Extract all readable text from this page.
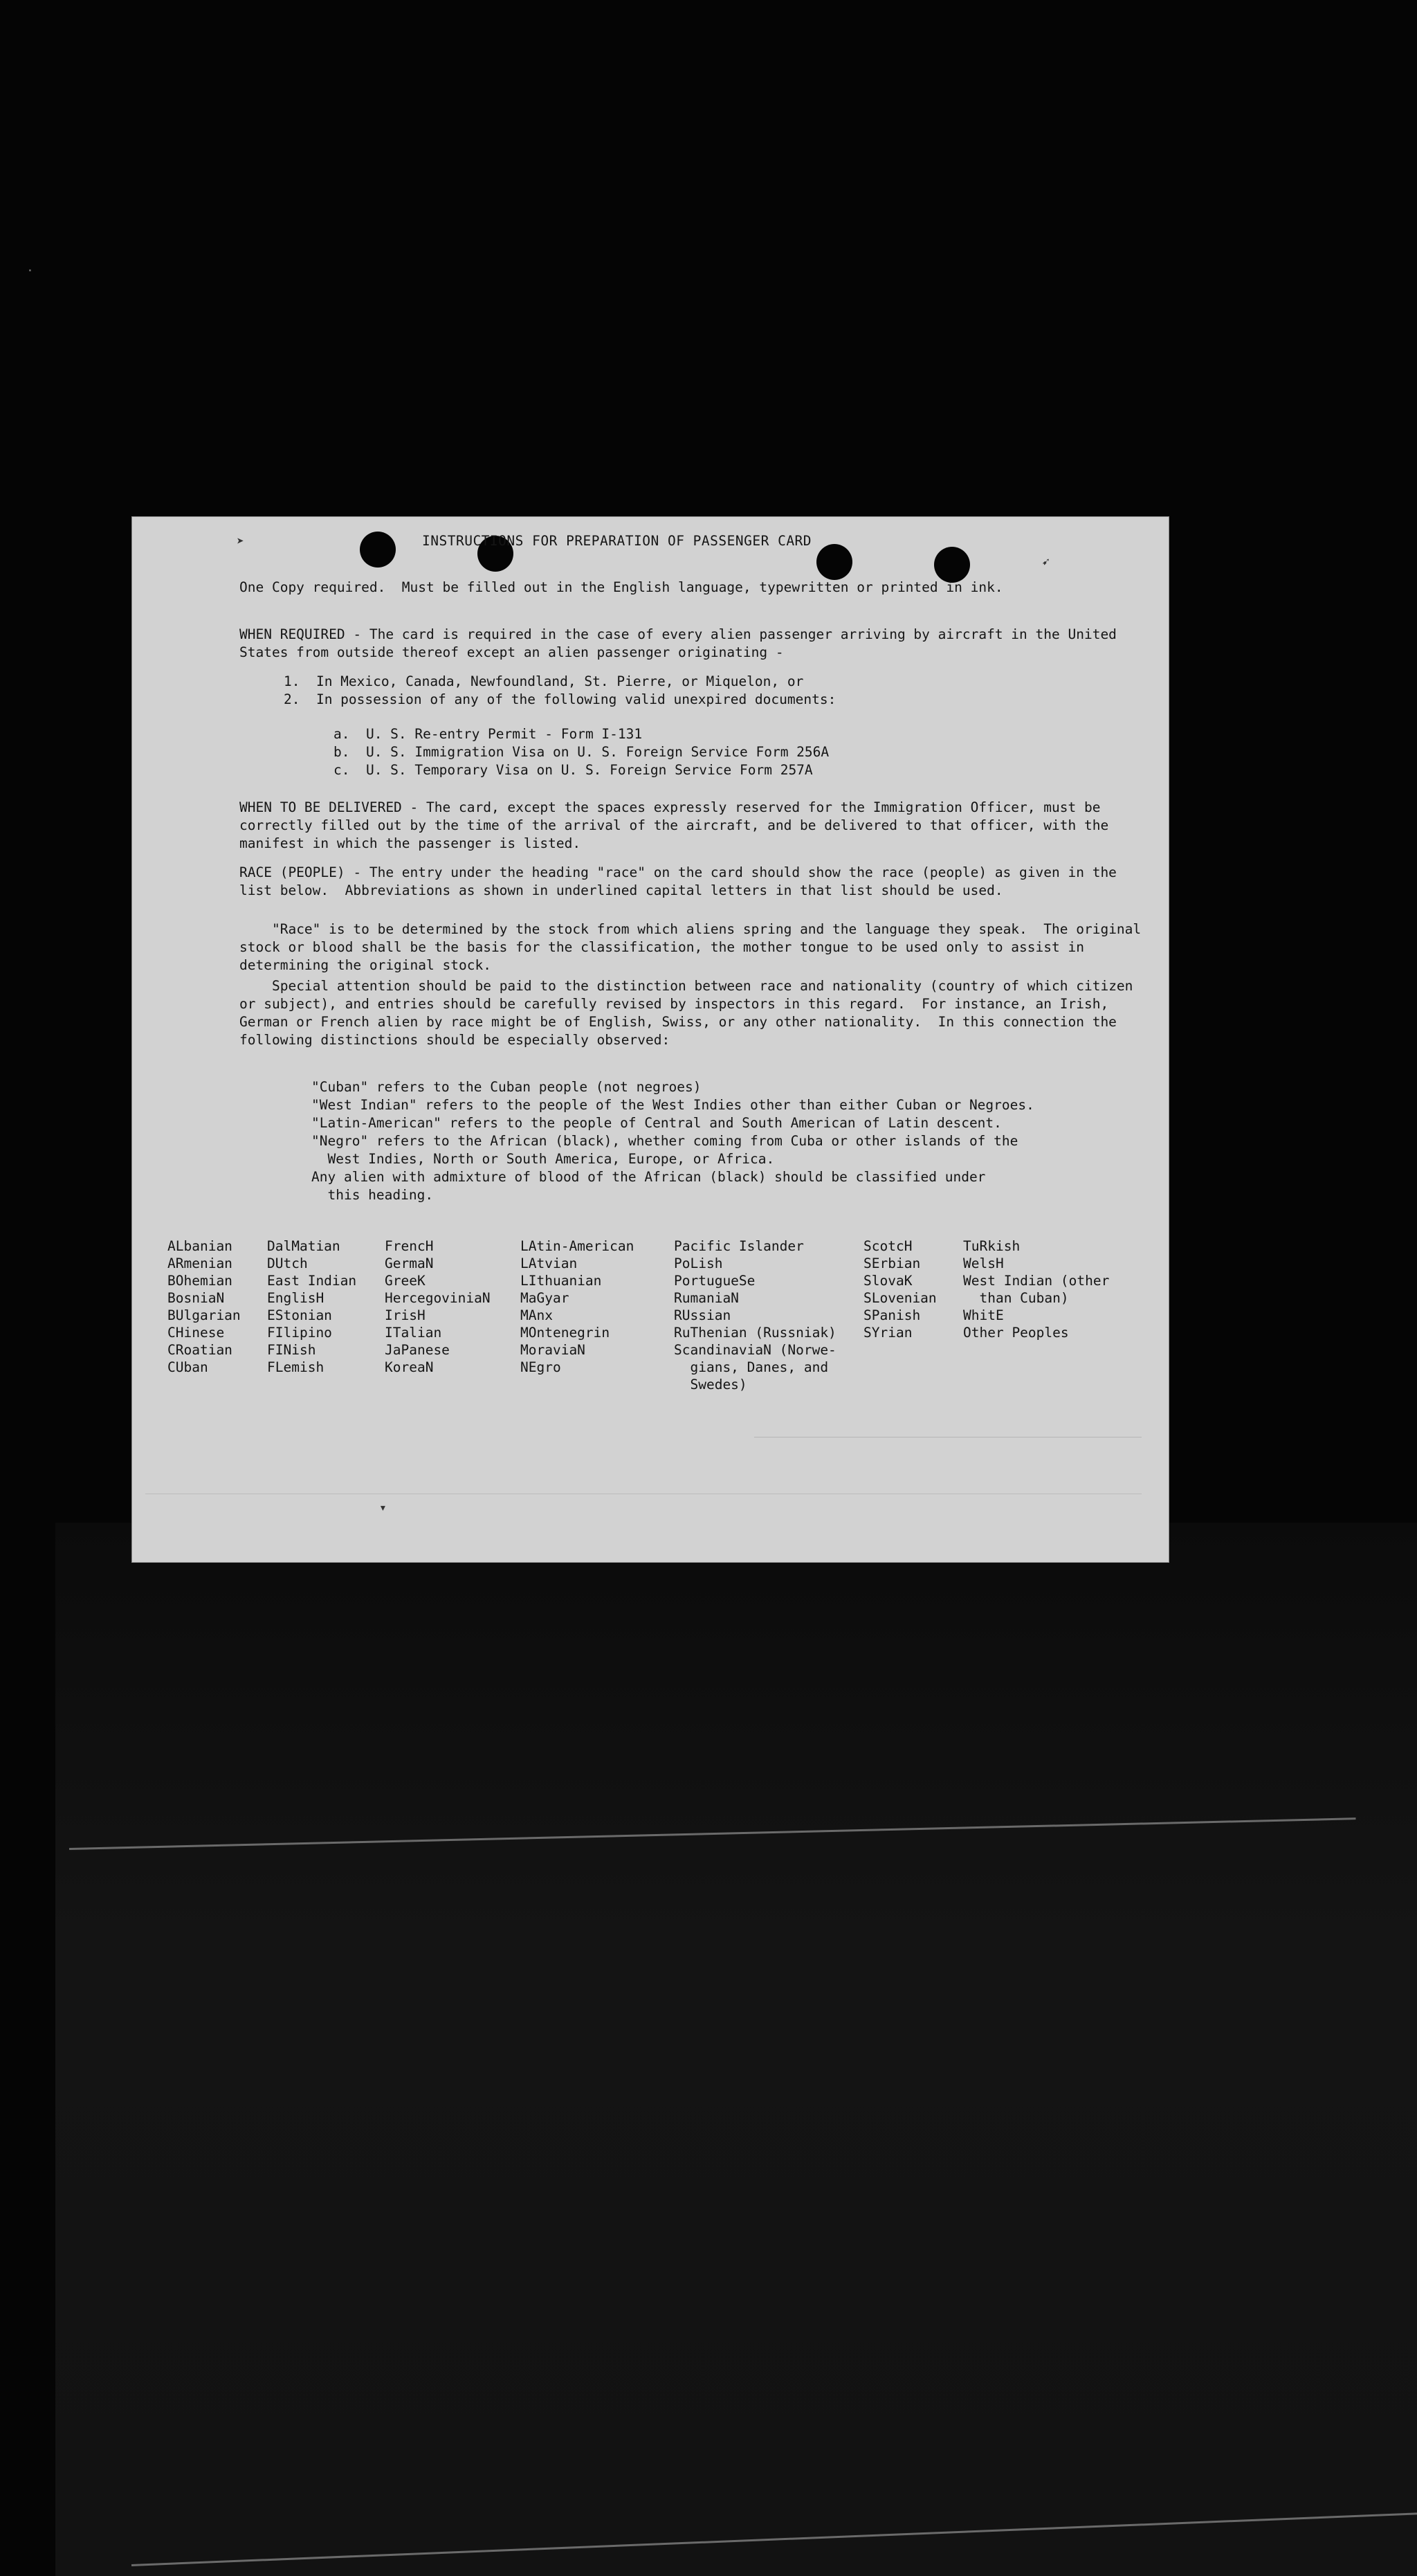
.
➤
➹
▾
INSTRUCTIONS FOR PREPARATION OF PASSENGER CARD

One Copy required.  Must be filled out in the English language, typewritten or printed in ink.

WHEN REQUIRED - The card is required in the case of every alien passenger arriving by aircraft in the United States from outside thereof except an alien passenger originating -

1.  In Mexico, Canada, Newfoundland, St. Pierre, or Miquelon, or
2.  In possession of any of the following valid unexpired documents:
a.  U. S. Re-entry Permit - Form I-131
b.  U. S. Immigration Visa on U. S. Foreign Service Form 256A
c.  U. S. Temporary Visa on U. S. Foreign Service Form 257A

WHEN TO BE DELIVERED - The card, except the spaces expressly reserved for the Immigration Officer, must be correctly filled out by the time of the arrival of the aircraft, and be delivered to that officer, with the manifest in which the passenger is listed.

RACE (PEOPLE) - The entry under the heading "race" on the card should show the race (people) as given in the list below.  Abbreviations as shown in underlined capital letters in that list should be used.

"Race" is to be determined by the stock from which aliens spring and the language they speak.  The original stock or blood shall be the basis for the classification, the mother tongue to be used only to assist in determining the original stock.

Special attention should be paid to the distinction between race and nationality (country of which citizen or subject), and entries should be carefully revised by inspectors in this regard.  For instance, an Irish, German or French alien by race might be of English, Swiss, or any other nationality.  In this connection the following distinctions should be especially observed:

"Cuban" refers to the Cuban people (not negroes)
"West Indian" refers to the people of the West Indies other than either Cuban or Negroes.
"Latin-American" refers to the people of Central and South American of Latin descent.
"Negro" refers to the African (black), whether coming from Cuba or other islands of the
West Indies, North or South America, Europe, or Africa.
Any alien with admixture of blood of the African (black) should be classified under
this heading.
ALbanian
ARmenian
BOhemian
BosniaN
BUlgarian
CHinese
CRoatian
CUban
DalMatian
DUtch
East Indian
EnglisH
EStonian
FIlipino
FINish
FLemish
FrencH
GermaN
GreeK
HercegoviniaN
IrisH
ITalian
JaPanese
KoreaN
LAtin-American
LAtvian
LIthuanian
MaGyar
MAnx
MOntenegrin
MoraviaN
NEgro
Pacific Islander
PoLish
PortugueSe
RumaniaN
RUssian
RuThenian (Russniak)
ScandinaviaN (Norwe-
gians, Danes, and
Swedes)
ScotcH
SErbian
SlovaK
SLovenian
SPanish
SYrian
TuRkish
WelsH
West Indian (other
than Cuban)
WhitE
Other Peoples
